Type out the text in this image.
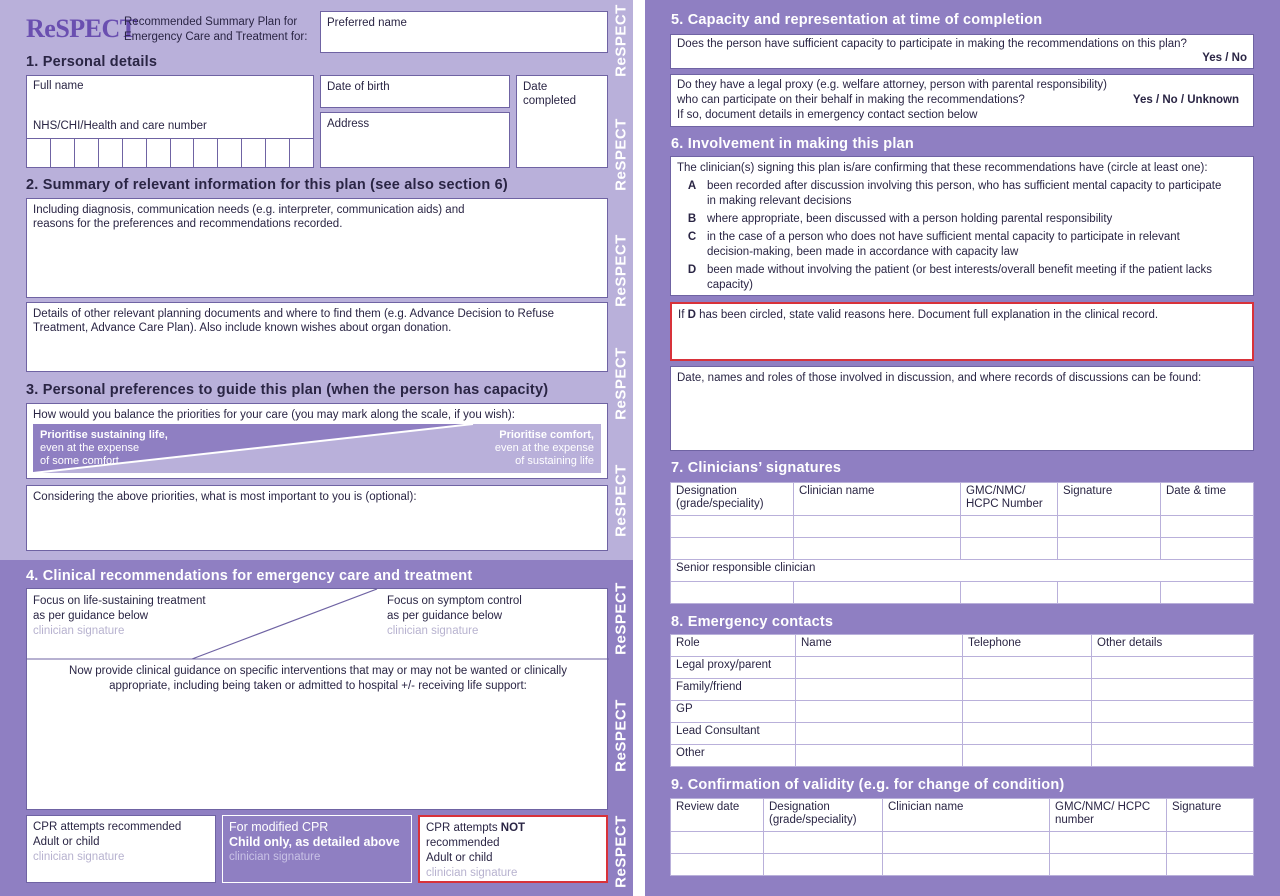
ReSPECT
ReSPECT
ReSPECT
ReSPECT
ReSPECT
ReSPECT
ReSPECT
ReSPECT
ReSPECT
Recommended Summary Plan for
Emergency Care and Treatment for:
Preferred name
1. Personal details
Full name
NHS/CHI/Health and care number
Date of birth
Address
Date completed
2. Summary of relevant information for this plan (see also section 6)
Including diagnosis, communication needs (e.g. interpreter, communication aids) and reasons for the preferences and recommendations recorded.
Details of other relevant planning documents and where to find them (e.g. Advance Decision to Refuse Treatment, Advance Care Plan). Also include known wishes about organ donation.
3. Personal preferences to guide this plan (when the person has capacity)
How would you balance the priorities for your care (you may mark along the scale, if you wish):
Prioritise sustaining life,
even at the expense
of some comfort
Prioritise comfort,
even at the expense
of sustaining life
Considering the above priorities, what is most important to you is (optional):
4. Clinical recommendations for emergency care and treatment
Focus on life-sustaining treatment
as per guidance below
clinician signature
Focus on symptom control
as per guidance below
clinician signature
Now provide clinical guidance on specific interventions that may or may not be wanted or clinically appropriate, including being taken or admitted to hospital +/- receiving life support:
CPR attempts recommended
Adult or child
clinician signature
For modified CPR
Child only, as detailed above
clinician signature
CPR attempts NOT recommended
Adult or child
clinician signature
5. Capacity and representation at time of completion
Does the person have sufficient capacity to participate in making the recommendations on this plan?
Yes / No
Do they have a legal proxy (e.g. welfare attorney, person with parental responsibility)
who can participate on their behalf in making the recommendations?
If so, document details in emergency contact section below
Yes / No / Unknown
6. Involvement in making this plan
The clinician(s) signing this plan is/are confirming that these recommendations have (circle at least one):
A been recorded after discussion involving this person, who has sufficient mental capacity to participate in making relevant decisions
B where appropriate, been discussed with a person holding parental responsibility
C in the case of a person who does not have sufficient mental capacity to participate in relevant decision-making, been made in accordance with capacity law
D been made without involving the patient (or best interests/overall benefit meeting if the patient lacks capacity)
If D has been circled, state valid reasons here. Document full explanation in the clinical record.
Date, names and roles of those involved in discussion, and where records of discussions can be found:
7. Clinicians’ signatures
Designation (grade/speciality)	Clinician name	GMC/NMC/ HCPC Number	Signature	Date & time

Senior responsible clinician				

8. Emergency contacts
Role	Name	Telephone	Other details
Legal proxy/parent			
Family/friend			
GP			
Lead Consultant			
Other			
9. Confirmation of validity (e.g. for change of condition)
Review date	Designation (grade/speciality)	Clinician name	GMC/NMC/ HCPC number	Signature
